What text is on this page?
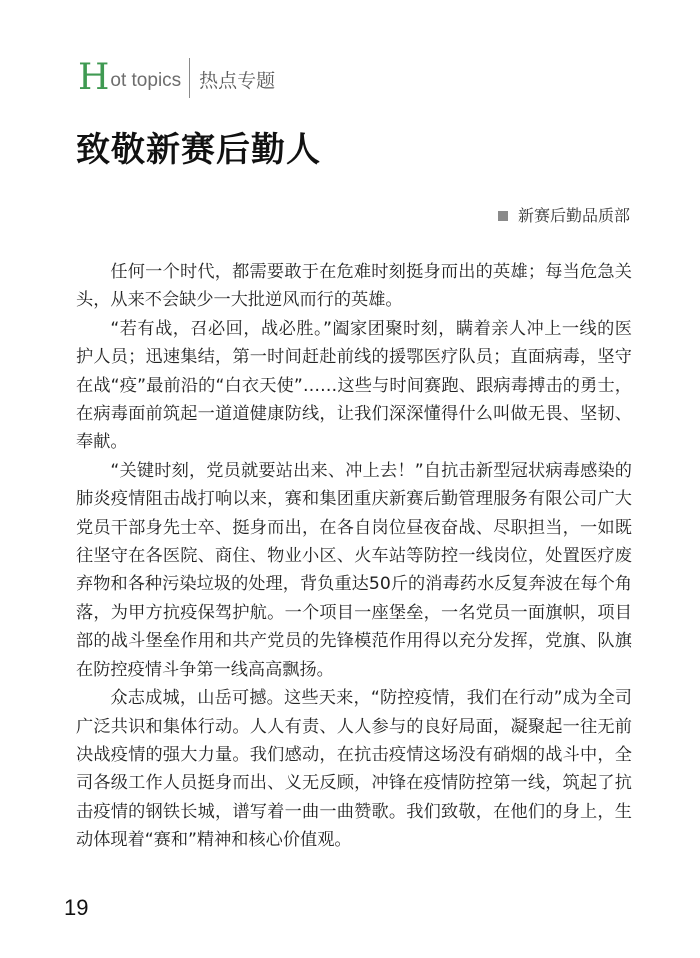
H ot topics 热点专题
致敬新赛后勤人
新赛后勤品质部

任何一个时代，都需要敢于在危难时刻挺身而出的英雄；每当危急关头，从来不会缺少一大批逆风而行的英雄。

“若有战，召必回，战必胜。”阖家团聚时刻，瞒着亲人冲上一线的医护人员；迅速集结，第一时间赶赴前线的援鄂医疗队员；直面病毒，坚守在战“疫”最前沿的“白衣天使”……这些与时间赛跑、跟病毒搏击的勇士，在病毒面前筑起一道道健康防线，让我们深深懂得什么叫做无畏、坚韧、奉献。

“关键时刻，党员就要站出来、冲上去！”自抗击新型冠状病毒感染的肺炎疫情阻击战打响以来，赛和集团重庆新赛后勤管理服务有限公司广大党员干部身先士卒、挺身而出，在各自岗位昼夜奋战、尽职担当，一如既往坚守在各医院、商住、物业小区、火车站等防控一线岗位，处置医疗废弃物和各种污染垃圾的处理，背负重达50斤的消毒药水反复奔波在每个角落，为甲方抗疫保驾护航。一个项目一座堡垒，一名党员一面旗帜，项目部的战斗堡垒作用和共产党员的先锋模范作用得以充分发挥，党旗、队旗在防控疫情斗争第一线高高飘扬。

众志成城，山岳可撼。这些天来，“防控疫情，我们在行动”成为全司广泛共识和集体行动。人人有责、人人参与的良好局面，凝聚起一往无前决战疫情的强大力量。我们感动，在抗击疫情这场没有硝烟的战斗中，全司各级工作人员挺身而出、义无反顾，冲锋在疫情防控第一线，筑起了抗击疫情的钢铁长城，谱写着一曲一曲赞歌。我们致敬，在他们的身上，生动体现着“赛和”精神和核心价值观。

19
